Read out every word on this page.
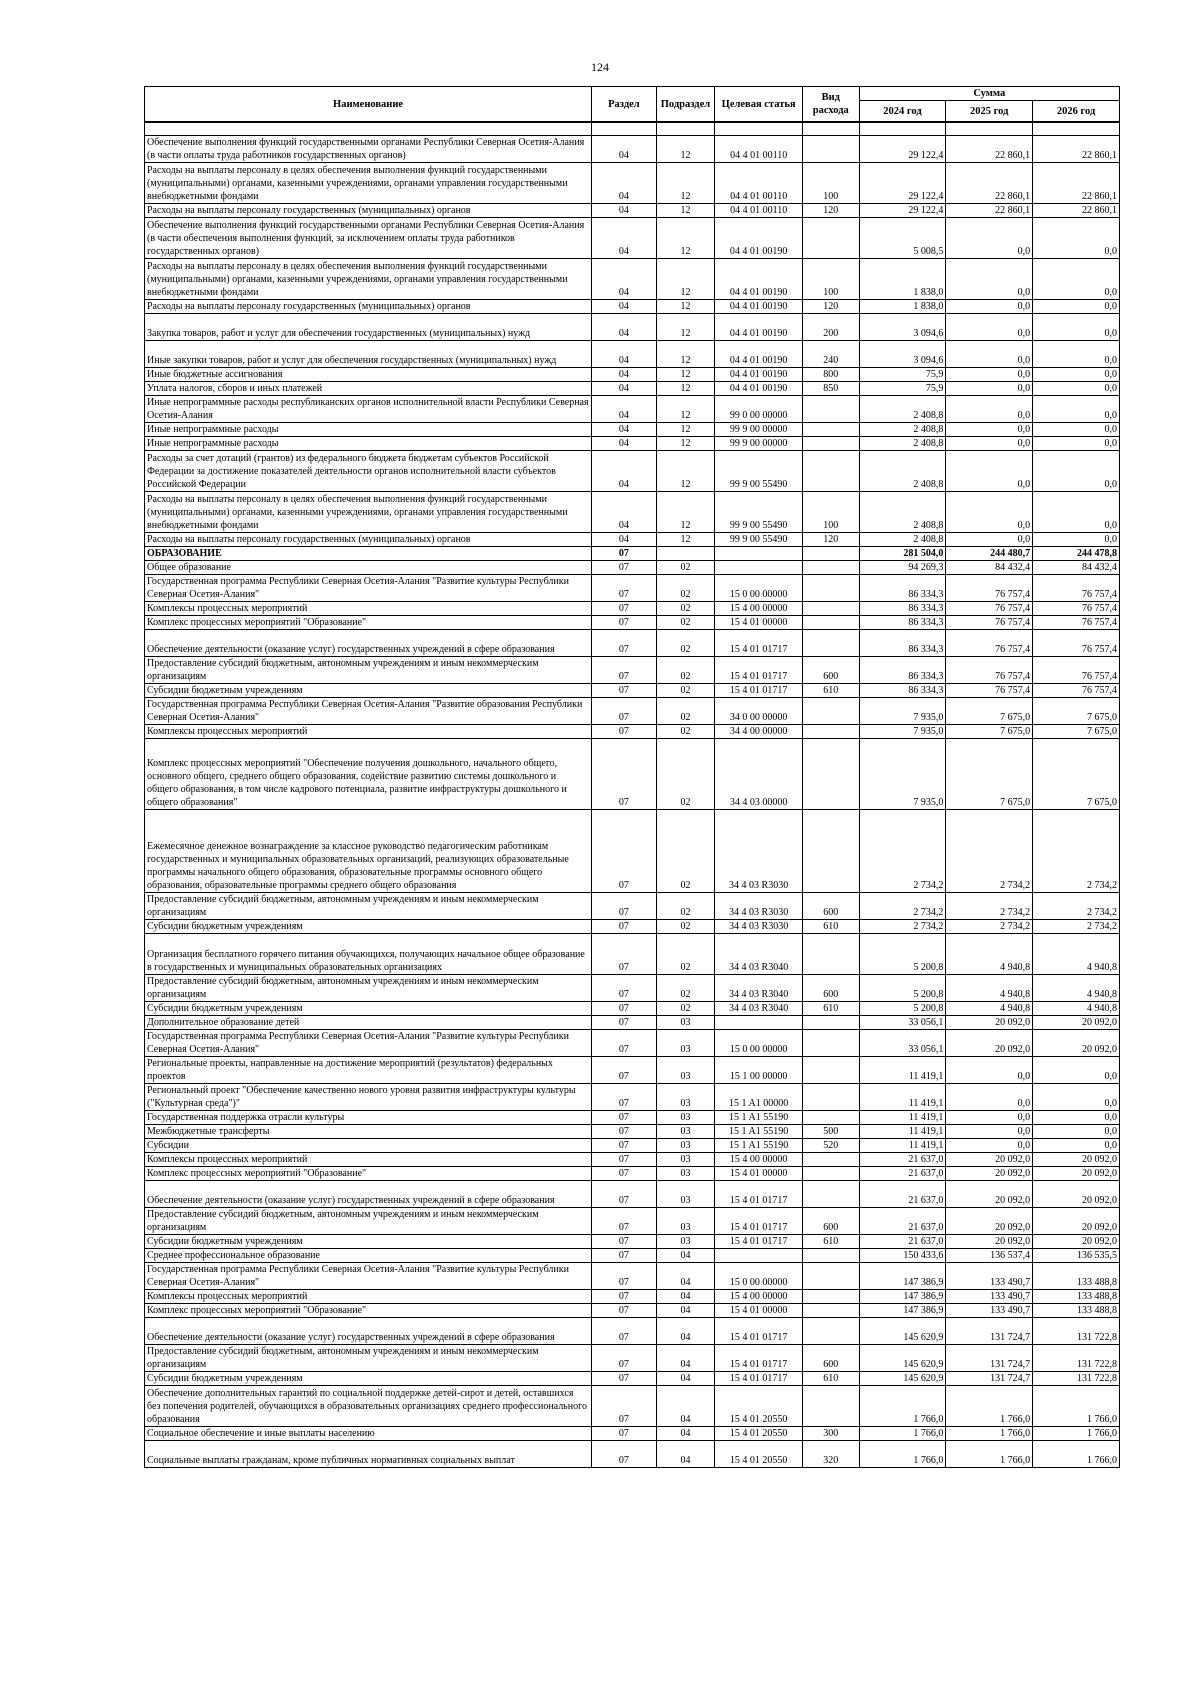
124
Наименование	Раздел	Подраздел	Целевая статья	Вид расхода	Сумма		
					2024 год	2025 год	2026 год

Обеспечение выполнения функций государственными органами Республики Северная Осетия-Алания (в части оплаты труда работников государственных органов)	04	12	04 4 01 00110		29 122,4	22 860,1	22 860,1
Расходы на выплаты персоналу в целях обеспечения выполнения функций государственными (муниципальными) органами, казенными учреждениями, органами управления государственными внебюджетными фондами	04	12	04 4 01 00110	100	29 122,4	22 860,1	22 860,1
Расходы на выплаты персоналу государственных (муниципальных) органов	04	12	04 4 01 00110	120	29 122,4	22 860,1	22 860,1
Обеспечение выполнения функций государственными органами Республики Северная Осетия-Алания (в части обеспечения выполнения функций, за исключением оплаты труда работников государственных органов)	04	12	04 4 01 00190		5 008,5	0,0	0,0
Расходы на выплаты персоналу в целях обеспечения выполнения функций государственными (муниципальными) органами, казенными учреждениями, органами управления государственными внебюджетными фондами	04	12	04 4 01 00190	100	1 838,0	0,0	0,0
Расходы на выплаты персоналу государственных (муниципальных) органов	04	12	04 4 01 00190	120	1 838,0	0,0	0,0
Закупка товаров, работ и услуг для обеспечения государственных (муниципальных) нужд	04	12	04 4 01 00190	200	3 094,6	0,0	0,0
Иные закупки товаров, работ и услуг для обеспечения государственных (муниципальных) нужд	04	12	04 4 01 00190	240	3 094,6	0,0	0,0
Иные бюджетные ассигнования	04	12	04 4 01 00190	800	75,9	0,0	0,0
Уплата налогов, сборов и иных платежей	04	12	04 4 01 00190	850	75,9	0,0	0,0
Иные непрограммные расходы республиканских органов исполнительной власти Республики Северная Осетия-Алания	04	12	99 0 00 00000		2 408,8	0,0	0,0
Иные непрограммные расходы	04	12	99 9 00 00000		2 408,8	0,0	0,0
Иные непрограммные расходы	04	12	99 9 00 00000		2 408,8	0,0	0,0
Расходы за счет дотаций (грантов) из федерального бюджета бюджетам субъектов Российской Федерации за достижение показателей деятельности органов исполнительной власти субъектов Российской Федерации	04	12	99 9 00 55490		2 408,8	0,0	0,0
Расходы на выплаты персоналу в целях обеспечения выполнения функций государственными (муниципальными) органами, казенными учреждениями, органами управления государственными внебюджетными фондами	04	12	99 9 00 55490	100	2 408,8	0,0	0,0
Расходы на выплаты персоналу государственных (муниципальных) органов	04	12	99 9 00 55490	120	2 408,8	0,0	0,0
ОБРАЗОВАНИЕ	07				281 504,0	244 480,7	244 478,8
Общее образование	07	02			94 269,3	84 432,4	84 432,4
Государственная программа Республики Северная Осетия-Алания "Развитие культуры Республики Северная Осетия-Алания"	07	02	15 0 00 00000		86 334,3	76 757,4	76 757,4
Комплексы процессных мероприятий	07	02	15 4 00 00000		86 334,3	76 757,4	76 757,4
Комплекс процессных мероприятий "Образование"	07	02	15 4 01 00000		86 334,3	76 757,4	76 757,4
Обеспечение деятельности (оказание услуг) государственных учреждений в сфере образования	07	02	15 4 01 01717		86 334,3	76 757,4	76 757,4
Предоставление субсидий бюджетным, автономным учреждениям и иным некоммерческим организациям	07	02	15 4 01 01717	600	86 334,3	76 757,4	76 757,4
Субсидии бюджетным учреждениям	07	02	15 4 01 01717	610	86 334,3	76 757,4	76 757,4
Государственная программа Республики Северная Осетия-Алания "Развитие образования Республики Северная Осетия-Алания"	07	02	34 0 00 00000		7 935,0	7 675,0	7 675,0
Комплексы процессных мероприятий	07	02	34 4 00 00000		7 935,0	7 675,0	7 675,0
Комплекс процессных мероприятий "Обеспечение получения дошкольного, начального общего, основного общего, среднего общего образования, содействие развитию системы дошкольного и общего образования, в том числе кадрового потенциала, развитие инфраструктуры дошкольного и общего образования"	07	02	34 4 03 00000		7 935,0	7 675,0	7 675,0
Ежемесячное денежное вознаграждение за классное руководство педагогическим работникам государственных и муниципальных образовательных организаций, реализующих образовательные программы начального общего образования, образовательные программы основного общего образования, образовательные программы среднего общего образования	07	02	34 4 03 R3030		2 734,2	2 734,2	2 734,2
Предоставление субсидий бюджетным, автономным учреждениям и иным некоммерческим организациям	07	02	34 4 03 R3030	600	2 734,2	2 734,2	2 734,2
Субсидии бюджетным учреждениям	07	02	34 4 03 R3030	610	2 734,2	2 734,2	2 734,2
Организация бесплатного горячего питания обучающихся, получающих начальное общее образование в государственных и муниципальных образовательных организациях	07	02	34 4 03 R3040		5 200,8	4 940,8	4 940,8
Предоставление субсидий бюджетным, автономным учреждениям и иным некоммерческим организациям	07	02	34 4 03 R3040	600	5 200,8	4 940,8	4 940,8
Субсидии бюджетным учреждениям	07	02	34 4 03 R3040	610	5 200,8	4 940,8	4 940,8
Дополнительное образование детей	07	03			33 056,1	20 092,0	20 092,0
Государственная программа Республики Северная Осетия-Алания "Развитие культуры Республики Северная Осетия-Алания"	07	03	15 0 00 00000		33 056,1	20 092,0	20 092,0
Региональные проекты, направленные на достижение мероприятий (результатов) федеральных проектов	07	03	15 1 00 00000		11 419,1	0,0	0,0
Региональный проект "Обеспечение качественно нового уровня развития инфраструктуры культуры ("Культурная среда")"	07	03	15 1 A1 00000		11 419,1	0,0	0,0
Государственная поддержка отрасли культуры	07	03	15 1 A1 55190		11 419,1	0,0	0,0
Межбюджетные трансферты	07	03	15 1 A1 55190	500	11 419,1	0,0	0,0
Субсидии	07	03	15 1 A1 55190	520	11 419,1	0,0	0,0
Комплексы процессных мероприятий	07	03	15 4 00 00000		21 637,0	20 092,0	20 092,0
Комплекс процессных мероприятий "Образование"	07	03	15 4 01 00000		21 637,0	20 092,0	20 092,0
Обеспечение деятельности (оказание услуг) государственных учреждений в сфере образования	07	03	15 4 01 01717		21 637,0	20 092,0	20 092,0
Предоставление субсидий бюджетным, автономным учреждениям и иным некоммерческим организациям	07	03	15 4 01 01717	600	21 637,0	20 092,0	20 092,0
Субсидии бюджетным учреждениям	07	03	15 4 01 01717	610	21 637,0	20 092,0	20 092,0
Среднее профессиональное образование	07	04			150 433,6	136 537,4	136 535,5
Государственная программа Республики Северная Осетия-Алания "Развитие культуры Республики Северная Осетия-Алания"	07	04	15 0 00 00000		147 386,9	133 490,7	133 488,8
Комплексы процессных мероприятий	07	04	15 4 00 00000		147 386,9	133 490,7	133 488,8
Комплекс процессных мероприятий "Образование"	07	04	15 4 01 00000		147 386,9	133 490,7	133 488,8
Обеспечение деятельности (оказание услуг) государственных учреждений в сфере образования	07	04	15 4 01 01717		145 620,9	131 724,7	131 722,8
Предоставление субсидий бюджетным, автономным учреждениям и иным некоммерческим организациям	07	04	15 4 01 01717	600	145 620,9	131 724,7	131 722,8
Субсидии бюджетным учреждениям	07	04	15 4 01 01717	610	145 620,9	131 724,7	131 722,8
Обеспечение дополнительных гарантий по социальной поддержке детей-сирот и детей, оставшихся без попечения родителей, обучающихся в образовательных организациях среднего профессионального образования	07	04	15 4 01 20550		1 766,0	1 766,0	1 766,0
Социальное обеспечение и иные выплаты населению	07	04	15 4 01 20550	300	1 766,0	1 766,0	1 766,0
Социальные выплаты гражданам, кроме публичных нормативных социальных выплат	07	04	15 4 01 20550	320	1 766,0	1 766,0	1 766,0
